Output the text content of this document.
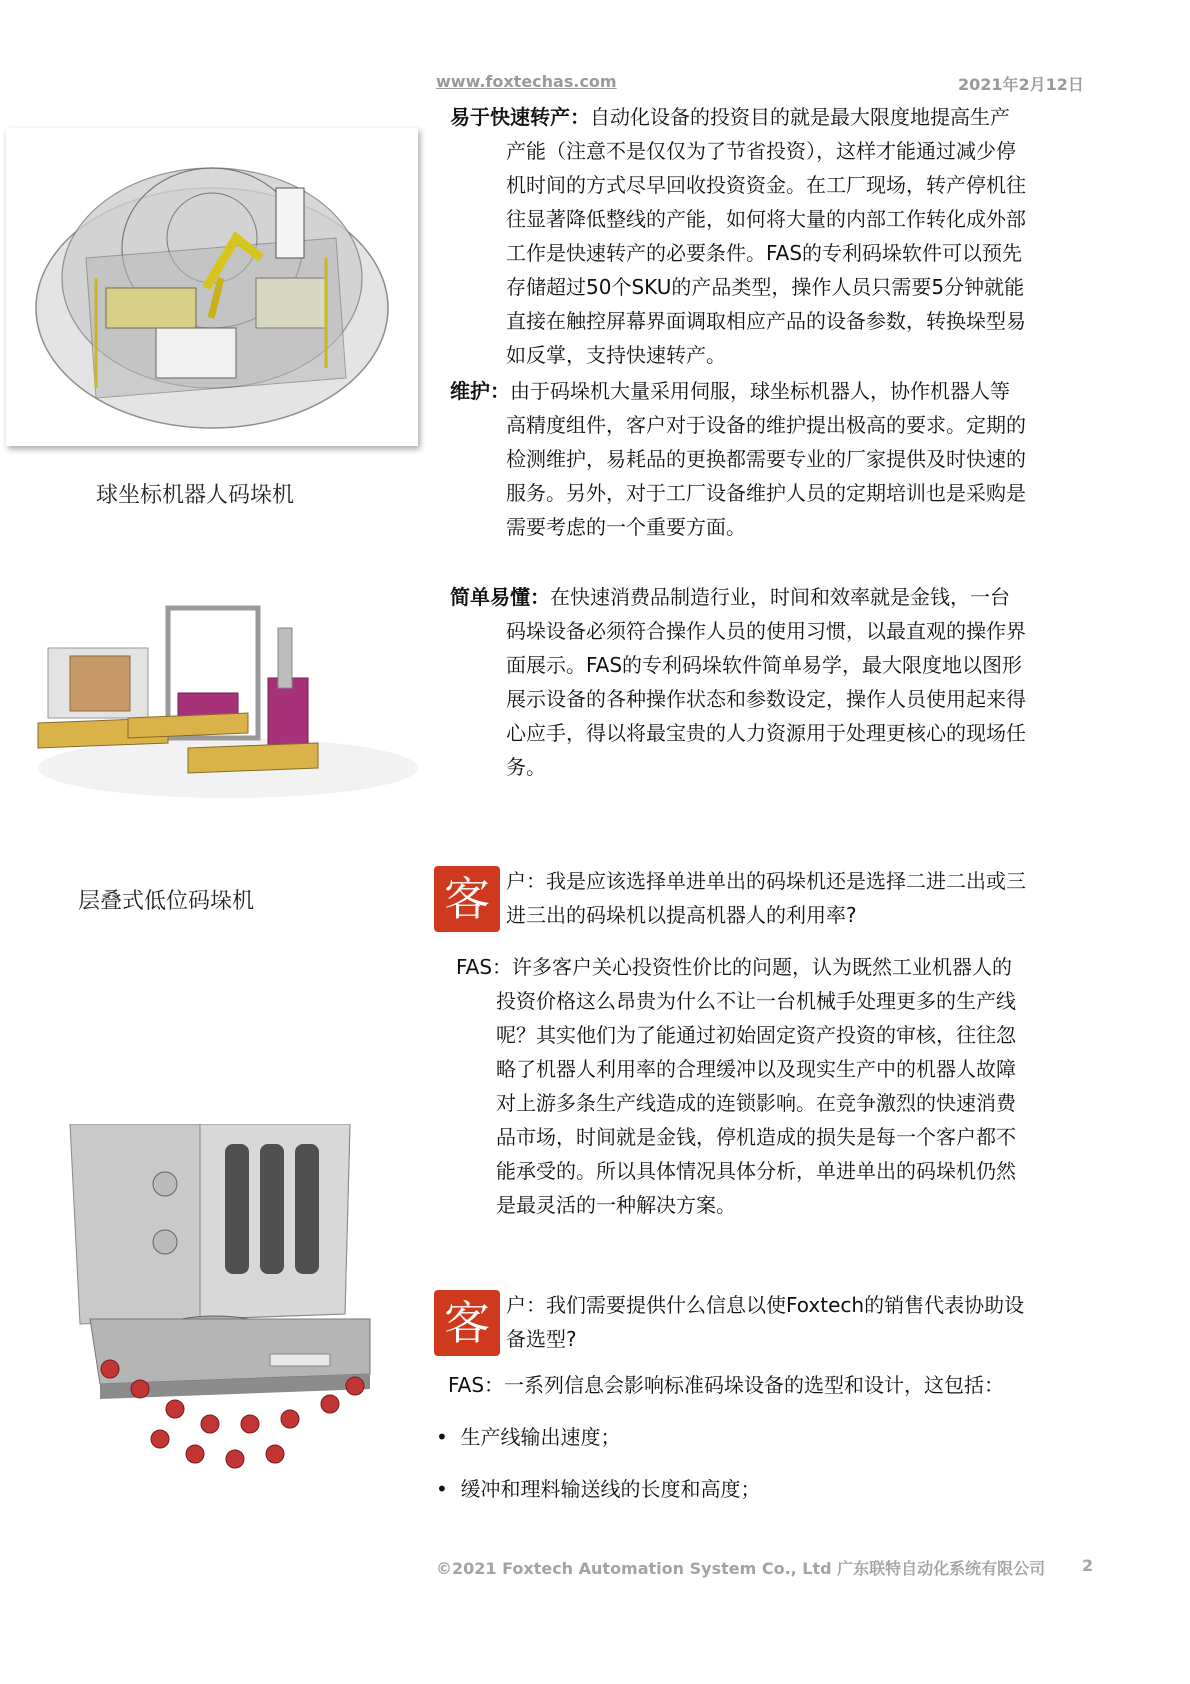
www.foxtechas.com	2021年2月12日
球坐标机器人码垛机
层叠式低位码垛机
易于快速转产：自动化设备的投资目的就是最大限度地提高生产
产能（注意不是仅仅为了节省投资），这样才能通过减少停
机时间的方式尽早回收投资资金。在工厂现场，转产停机往
往显著降低整线的产能，如何将大量的内部工作转化成外部
工作是快速转产的必要条件。FAS的专利码垛软件可以预先
存储超过50个SKU的产品类型，操作人员只需要5分钟就能
直接在触控屏幕界面调取相应产品的设备参数，转换垛型易
如反掌，支持快速转产。
维护：由于码垛机大量采用伺服，球坐标机器人，协作机器人等
高精度组件，客户对于设备的维护提出极高的要求。定期的
检测维护，易耗品的更换都需要专业的厂家提供及时快速的
服务。另外，对于工厂设备维护人员的定期培训也是采购是
需要考虑的一个重要方面。
简单易懂：在快速消费品制造行业，时间和效率就是金钱，一台
码垛设备必须符合操作人员的使用习惯，以最直观的操作界
面展示。FAS的专利码垛软件简单易学，最大限度地以图形
展示设备的各种操作状态和参数设定，操作人员使用起来得
心应手，得以将最宝贵的人力资源用于处理更核心的现场任
务。
客 户：我是应该选择单进单出的码垛机还是选择二进二出或三
进三出的码垛机以提高机器人的利用率?
FAS：许多客户关心投资性价比的问题，认为既然工业机器人的
投资价格这么昂贵为什么不让一台机械手处理更多的生产线
呢？其实他们为了能通过初始固定资产投资的审核，往往忽
略了机器人利用率的合理缓冲以及现实生产中的机器人故障
对上游多条生产线造成的连锁影响。在竞争激烈的快速消费
品市场，时间就是金钱，停机造成的损失是每一个客户都不
能承受的。所以具体情况具体分析，单进单出的码垛机仍然
是最灵活的一种解决方案。
客 户：我们需要提供什么信息以使Foxtech的销售代表协助设
备选型?
FAS：一系列信息会影响标准码垛设备的选型和设计，这包括：
• 生产线输出速度；
• 缓冲和理料输送线的长度和高度；
©2021 Foxtech Automation System Co., Ltd 广东联特自动化系统有限公司 2
